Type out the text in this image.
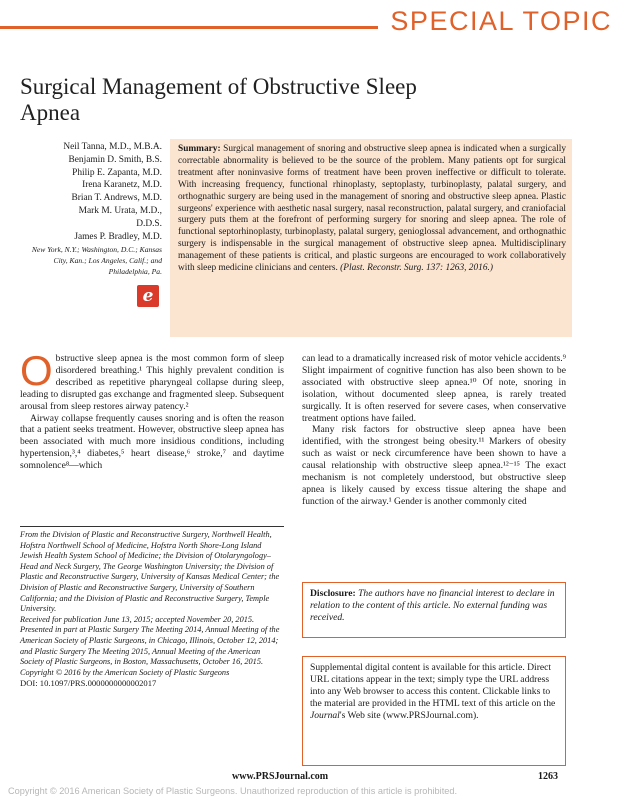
SPECIAL TOPIC
Surgical Management of Obstructive Sleep Apnea
Neil Tanna, M.D., M.B.A.
Benjamin D. Smith, B.S.
Philip E. Zapanta, M.D.
Irena Karanetz, M.D.
Brian T. Andrews, M.D.
Mark M. Urata, M.D.,
D.D.S.
James P. Bradley, M.D.
New York, N.Y.; Washington, D.C.; Kansas City, Kan.; Los Angeles, Calif.; and Philadelphia, Pa.
e
Summary: Surgical management of snoring and obstructive sleep apnea is indicated when a surgically correctable abnormality is believed to be the source of the problem. Many patients opt for surgical treatment after noninvasive forms of treatment have been proven ineffective or difficult to tolerate. With increasing frequency, functional rhinoplasty, septoplasty, turbinoplasty, palatal surgery, and orthognathic surgery are being used in the management of snoring and obstructive sleep apnea. Plastic surgeons' experience with aesthetic nasal surgery, nasal reconstruction, palatal surgery, and craniofacial surgery puts them at the forefront of performing surgery for snoring and sleep apnea. The role of functional septorhinoplasty, turbinoplasty, palatal surgery, genioglossal advancement, and orthognathic surgery is indispensable in the surgical management of obstructive sleep apnea. Multidisciplinary management of these patients is critical, and plastic surgeons are encouraged to work collaboratively with sleep medicine clinicians and centers. (Plast. Reconstr. Surg. 137: 1263, 2016.)

Obstructive sleep apnea is the most common form of sleep disordered breathing.¹ This highly prevalent condition is described as repetitive pharyngeal collapse during sleep, leading to disrupted gas exchange and fragmented sleep. Subsequent arousal from sleep restores airway patency.²

Airway collapse frequently causes snoring and is often the reason that a patient seeks treatment. However, obstructive sleep apnea has been associated with much more insidious conditions, including hypertension,³,⁴ diabetes,⁵ heart disease,⁶ stroke,⁷ and daytime somnolence⁸—which

can lead to a dramatically increased risk of motor vehicle accidents.⁹ Slight impairment of cognitive function has also been shown to be associated with obstructive sleep apnea.¹⁰ Of note, snoring in isolation, without documented sleep apnea, is rarely treated surgically. It is often reserved for severe cases, when conservative treatment options have failed.

Many risk factors for obstructive sleep apnea have been identified, with the strongest being obesity.¹¹ Markers of obesity such as waist or neck circumference have been shown to have a causal relationship with obstructive sleep apnea.¹²⁻¹⁵ The exact mechanism is not completely understood, but obstructive sleep apnea is likely caused by excess tissue altering the shape and function of the airway.¹ Gender is another commonly cited

From the Division of Plastic and Reconstructive Surgery, Northwell Health, Hofstra Northwell School of Medicine, Hofstra North Shore-Long Island Jewish Health System School of Medicine; the Division of Otolaryngology–Head and Neck Surgery, The George Washington University; the Division of Plastic and Reconstructive Surgery, University of Kansas Medical Center; the Division of Plastic and Reconstructive Surgery, University of Southern California; and the Division of Plastic and Reconstructive Surgery, Temple University.

Received for publication June 13, 2015; accepted November 20, 2015.

Presented in part at Plastic Surgery The Meeting 2014, Annual Meeting of the American Society of Plastic Surgeons, in Chicago, Illinois, October 12, 2014; and Plastic Surgery The Meeting 2015, Annual Meeting of the American Society of Plastic Surgeons, in Boston, Massachusetts, October 16, 2015.

Copyright © 2016 by the American Society of Plastic Surgeons

DOI: 10.1097/PRS.0000000000002017

Disclosure: The authors have no financial interest to declare in relation to the content of this article. No external funding was received.
Supplemental digital content is available for this article. Direct URL citations appear in the text; simply type the URL address into any Web browser to access this content. Clickable links to the material are provided in the HTML text of this article on the Journal's Web site (www.PRSJournal.com).
www.PRSJournal.com	1263
Copyright © 2016 American Society of Plastic Surgeons. Unauthorized reproduction of this article is prohibited.
